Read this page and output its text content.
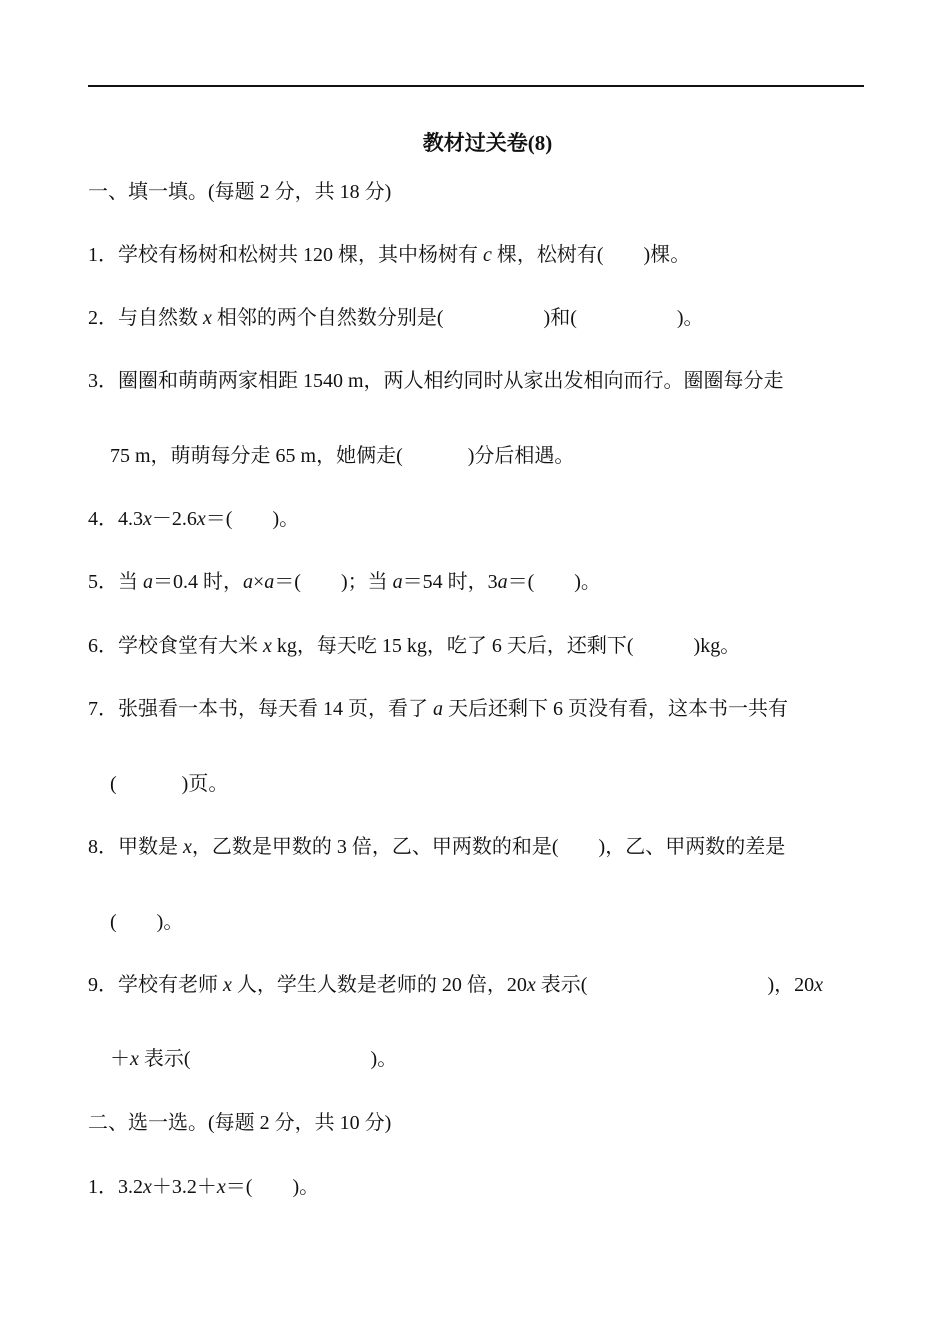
教材过关卷(8)
一、填一填。(每题 2 分，共 18 分)
1．学校有杨树和松树共 120 棵，其中杨树有 c 棵，松树有(　　)棵。
2．与自然数 x 相邻的两个自然数分别是(　　　　　)和(　　　　　)。
3．圈圈和萌萌两家相距 1540 m，两人相约同时从家出发相向而行。圈圈每分走
75 m，萌萌每分走 65 m，她俩走(　　　 )分后相遇。
4．4.3x－2.6x＝(　　)。
5．当 a＝0.4 时，a×a＝(　　)；当 a＝54 时，3a＝(　　)。
6．学校食堂有大米 x kg，每天吃 15 kg，吃了 6 天后，还剩下(　　　)kg。
7．张强看一本书，每天看 14 页，看了 a 天后还剩下 6 页没有看，这本书一共有
(　　　 )页。
8．甲数是 x，乙数是甲数的 3 倍，乙、甲两数的和是(　　)，乙、甲两数的差是
(　　)。
9．学校有老师 x 人，学生人数是老师的 20 倍，20x 表示(　　　　　　　　　)，20x
＋x 表示(　　　　　　　　　)。
二、选一选。(每题 2 分，共 10 分)
1．3.2x＋3.2＋x＝(　　)。
